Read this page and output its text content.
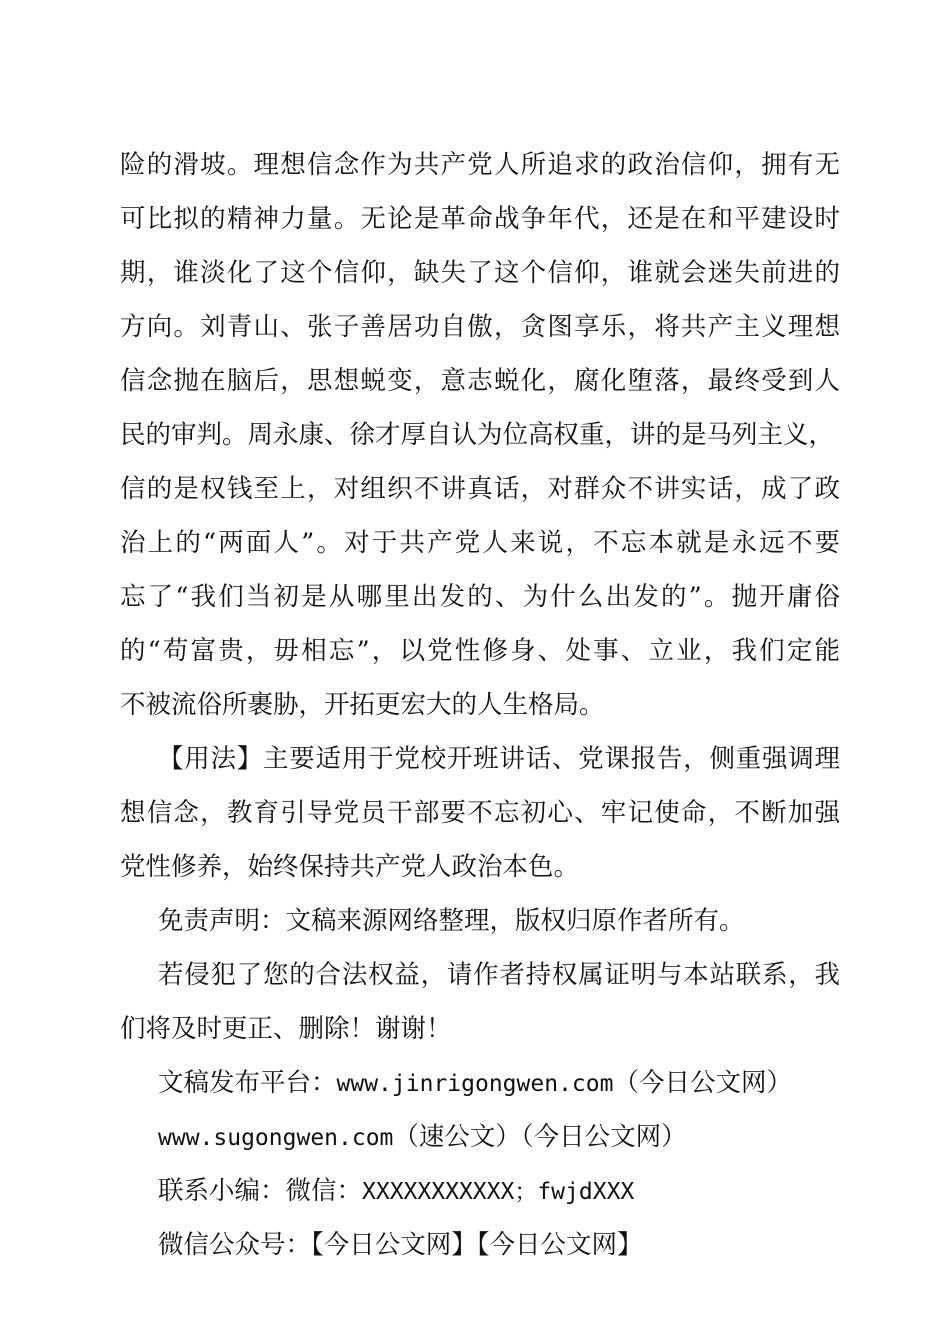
险的滑坡。理想信念作为共产党人所追求的政治信仰，拥有无
可比拟的精神力量。无论是革命战争年代，还是在和平建设时
期，谁淡化了这个信仰，缺失了这个信仰，谁就会迷失前进的
方向。刘青山、张子善居功自傲，贪图享乐，将共产主义理想
信念抛在脑后，思想蜕变，意志蜕化，腐化堕落，最终受到人
民的审判。周永康、徐才厚自认为位高权重，讲的是马列主义，
信的是权钱至上，对组织不讲真话，对群众不讲实话，成了政
治上的“两面人”。对于共产党人来说，不忘本就是永远不要
忘了“我们当初是从哪里出发的、为什么出发的”。抛开庸俗
的“苟富贵，毋相忘”，以党性修身、处事、立业，我们定能
不被流俗所裹胁，开拓更宏大的人生格局。
【用法】主要适用于党校开班讲话、党课报告，侧重强调理
想信念，教育引导党员干部要不忘初心、牢记使命，不断加强
党性修养，始终保持共产党人政治本色。
免责声明：文稿来源网络整理，版权归原作者所有。
若侵犯了您的合法权益，请作者持权属证明与本站联系，我
们将及时更正、删除！谢谢！
文稿发布平台：www.jinrigongwen.com（今日公文网）
www.sugongwen.com（速公文）（今日公文网）
联系小编：微信：XXXXXXXXXXX；fwjdXXX
微信公众号：【今日公文网】【今日公文网】
